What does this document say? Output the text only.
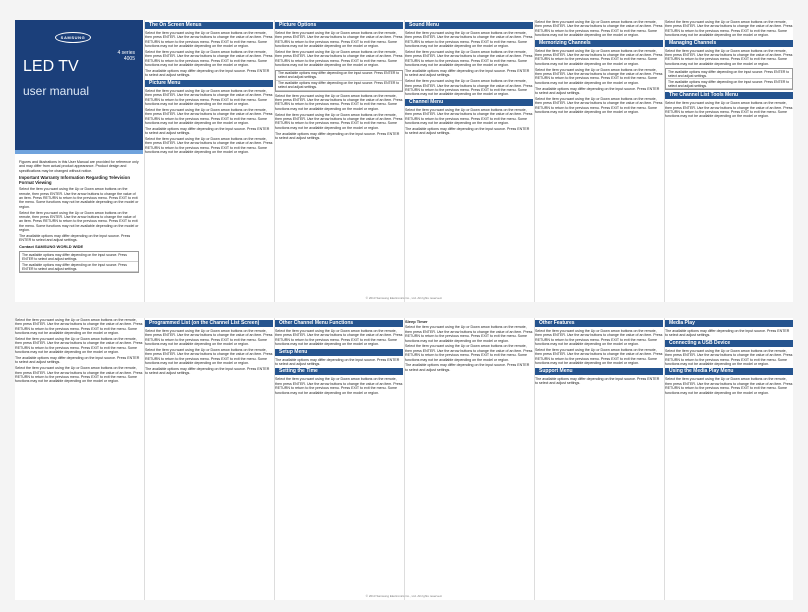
SAMSUNG
4 series
4005
LED TV
user manual

Figures and illustrations in this User Manual are provided for reference only and may differ from actual product appearance. Product design and specifications may be changed without notice.

Important Warranty Information Regarding Television Format Viewing

Select the item you want using the Up or Down arrow buttons on the remote, then press ENTER. Use the arrow buttons to change the value of an item. Press RETURN to return to the previous menu. Press EXIT to exit the menu. Some functions may not be available depending on the model or region.

Select the item you want using the Up or Down arrow buttons on the remote, then press ENTER. Use the arrow buttons to change the value of an item. Press RETURN to return to the previous menu. Press EXIT to exit the menu. Some functions may not be available depending on the model or region.

The available options may differ depending on the input source. Press ENTER to select and adjust settings.

Contact SAMSUNG WORLD WIDE
The available options may differ depending on the input source. Press ENTER to select and adjust settings.
The available options may differ depending on the input source. Press ENTER to select and adjust settings.
The On Screen Menus

Select the item you want using the Up or Down arrow buttons on the remote, then press ENTER. Use the arrow buttons to change the value of an item. Press RETURN to return to the previous menu. Press EXIT to exit the menu. Some functions may not be available depending on the model or region.

Select the item you want using the Up or Down arrow buttons on the remote, then press ENTER. Use the arrow buttons to change the value of an item. Press RETURN to return to the previous menu. Press EXIT to exit the menu. Some functions may not be available depending on the model or region.

The available options may differ depending on the input source. Press ENTER to select and adjust settings.

Picture Menu

Select the item you want using the Up or Down arrow buttons on the remote, then press ENTER. Use the arrow buttons to change the value of an item. Press RETURN to return to the previous menu. Press EXIT to exit the menu. Some functions may not be available depending on the model or region.

Select the item you want using the Up or Down arrow buttons on the remote, then press ENTER. Use the arrow buttons to change the value of an item. Press RETURN to return to the previous menu. Press EXIT to exit the menu. Some functions may not be available depending on the model or region.

The available options may differ depending on the input source. Press ENTER to select and adjust settings.

Select the item you want using the Up or Down arrow buttons on the remote, then press ENTER. Use the arrow buttons to change the value of an item. Press RETURN to return to the previous menu. Press EXIT to exit the menu. Some functions may not be available depending on the model or region.

Picture Options

Select the item you want using the Up or Down arrow buttons on the remote, then press ENTER. Use the arrow buttons to change the value of an item. Press RETURN to return to the previous menu. Press EXIT to exit the menu. Some functions may not be available depending on the model or region.

Select the item you want using the Up or Down arrow buttons on the remote, then press ENTER. Use the arrow buttons to change the value of an item. Press RETURN to return to the previous menu. Press EXIT to exit the menu. Some functions may not be available depending on the model or region.

The available options may differ depending on the input source. Press ENTER to select and adjust settings.
The available options may differ depending on the input source. Press ENTER to select and adjust settings.

Select the item you want using the Up or Down arrow buttons on the remote, then press ENTER. Use the arrow buttons to change the value of an item. Press RETURN to return to the previous menu. Press EXIT to exit the menu. Some functions may not be available depending on the model or region.

Select the item you want using the Up or Down arrow buttons on the remote, then press ENTER. Use the arrow buttons to change the value of an item. Press RETURN to return to the previous menu. Press EXIT to exit the menu. Some functions may not be available depending on the model or region.

The available options may differ depending on the input source. Press ENTER to select and adjust settings.

Sound Menu

Select the item you want using the Up or Down arrow buttons on the remote, then press ENTER. Use the arrow buttons to change the value of an item. Press RETURN to return to the previous menu. Press EXIT to exit the menu. Some functions may not be available depending on the model or region.

Select the item you want using the Up or Down arrow buttons on the remote, then press ENTER. Use the arrow buttons to change the value of an item. Press RETURN to return to the previous menu. Press EXIT to exit the menu. Some functions may not be available depending on the model or region.

The available options may differ depending on the input source. Press ENTER to select and adjust settings.

Select the item you want using the Up or Down arrow buttons on the remote, then press ENTER. Use the arrow buttons to change the value of an item. Press RETURN to return to the previous menu. Press EXIT to exit the menu. Some functions may not be available depending on the model or region.

Channel Menu

Select the item you want using the Up or Down arrow buttons on the remote, then press ENTER. Use the arrow buttons to change the value of an item. Press RETURN to return to the previous menu. Press EXIT to exit the menu. Some functions may not be available depending on the model or region.

The available options may differ depending on the input source. Press ENTER to select and adjust settings.

Select the item you want using the Up or Down arrow buttons on the remote, then press ENTER. Use the arrow buttons to change the value of an item. Press RETURN to return to the previous menu. Press EXIT to exit the menu. Some functions may not be available depending on the model or region.

Memorizing Channels

Select the item you want using the Up or Down arrow buttons on the remote, then press ENTER. Use the arrow buttons to change the value of an item. Press RETURN to return to the previous menu. Press EXIT to exit the menu. Some functions may not be available depending on the model or region.

Select the item you want using the Up or Down arrow buttons on the remote, then press ENTER. Use the arrow buttons to change the value of an item. Press RETURN to return to the previous menu. Press EXIT to exit the menu. Some functions may not be available depending on the model or region.

The available options may differ depending on the input source. Press ENTER to select and adjust settings.

Select the item you want using the Up or Down arrow buttons on the remote, then press ENTER. Use the arrow buttons to change the value of an item. Press RETURN to return to the previous menu. Press EXIT to exit the menu. Some functions may not be available depending on the model or region.

Select the item you want using the Up or Down arrow buttons on the remote, then press ENTER. Use the arrow buttons to change the value of an item. Press RETURN to return to the previous menu. Press EXIT to exit the menu. Some functions may not be available depending on the model or region.

Managing Channels

Select the item you want using the Up or Down arrow buttons on the remote, then press ENTER. Use the arrow buttons to change the value of an item. Press RETURN to return to the previous menu. Press EXIT to exit the menu. Some functions may not be available depending on the model or region.

The available options may differ depending on the input source. Press ENTER to select and adjust settings.
The available options may differ depending on the input source. Press ENTER to select and adjust settings.
The Channel List Tools Menu

Select the item you want using the Up or Down arrow buttons on the remote, then press ENTER. Use the arrow buttons to change the value of an item. Press RETURN to return to the previous menu. Press EXIT to exit the menu. Some functions may not be available depending on the model or region.

© 2013 Samsung Electronics Co., Ltd. All rights reserved.

Select the item you want using the Up or Down arrow buttons on the remote, then press ENTER. Use the arrow buttons to change the value of an item. Press RETURN to return to the previous menu. Press EXIT to exit the menu. Some functions may not be available depending on the model or region.

Select the item you want using the Up or Down arrow buttons on the remote, then press ENTER. Use the arrow buttons to change the value of an item. Press RETURN to return to the previous menu. Press EXIT to exit the menu. Some functions may not be available depending on the model or region.

The available options may differ depending on the input source. Press ENTER to select and adjust settings.

Select the item you want using the Up or Down arrow buttons on the remote, then press ENTER. Use the arrow buttons to change the value of an item. Press RETURN to return to the previous menu. Press EXIT to exit the menu. Some functions may not be available depending on the model or region.

Programmed List (on the Channel List Screen)

Select the item you want using the Up or Down arrow buttons on the remote, then press ENTER. Use the arrow buttons to change the value of an item. Press RETURN to return to the previous menu. Press EXIT to exit the menu. Some functions may not be available depending on the model or region.

Select the item you want using the Up or Down arrow buttons on the remote, then press ENTER. Use the arrow buttons to change the value of an item. Press RETURN to return to the previous menu. Press EXIT to exit the menu. Some functions may not be available depending on the model or region.

The available options may differ depending on the input source. Press ENTER to select and adjust settings.

Other Channel Menu Functions

Select the item you want using the Up or Down arrow buttons on the remote, then press ENTER. Use the arrow buttons to change the value of an item. Press RETURN to return to the previous menu. Press EXIT to exit the menu. Some functions may not be available depending on the model or region.

Setup Menu

The available options may differ depending on the input source. Press ENTER to select and adjust settings.

Setting the Time

Select the item you want using the Up or Down arrow buttons on the remote, then press ENTER. Use the arrow buttons to change the value of an item. Press RETURN to return to the previous menu. Press EXIT to exit the menu. Some functions may not be available depending on the model or region.

Sleep Timer

Select the item you want using the Up or Down arrow buttons on the remote, then press ENTER. Use the arrow buttons to change the value of an item. Press RETURN to return to the previous menu. Press EXIT to exit the menu. Some functions may not be available depending on the model or region.

Select the item you want using the Up or Down arrow buttons on the remote, then press ENTER. Use the arrow buttons to change the value of an item. Press RETURN to return to the previous menu. Press EXIT to exit the menu. Some functions may not be available depending on the model or region.

The available options may differ depending on the input source. Press ENTER to select and adjust settings.

Other Features

Select the item you want using the Up or Down arrow buttons on the remote, then press ENTER. Use the arrow buttons to change the value of an item. Press RETURN to return to the previous menu. Press EXIT to exit the menu. Some functions may not be available depending on the model or region.

Select the item you want using the Up or Down arrow buttons on the remote, then press ENTER. Use the arrow buttons to change the value of an item. Press RETURN to return to the previous menu. Press EXIT to exit the menu. Some functions may not be available depending on the model or region.

Support Menu

The available options may differ depending on the input source. Press ENTER to select and adjust settings.

Media Play

The available options may differ depending on the input source. Press ENTER to select and adjust settings.

Connecting a USB Device

Select the item you want using the Up or Down arrow buttons on the remote, then press ENTER. Use the arrow buttons to change the value of an item. Press RETURN to return to the previous menu. Press EXIT to exit the menu. Some functions may not be available depending on the model or region.

Using the Media Play Menu

Select the item you want using the Up or Down arrow buttons on the remote, then press ENTER. Use the arrow buttons to change the value of an item. Press RETURN to return to the previous menu. Press EXIT to exit the menu. Some functions may not be available depending on the model or region.

© 2013 Samsung Electronics Co., Ltd. All rights reserved.
